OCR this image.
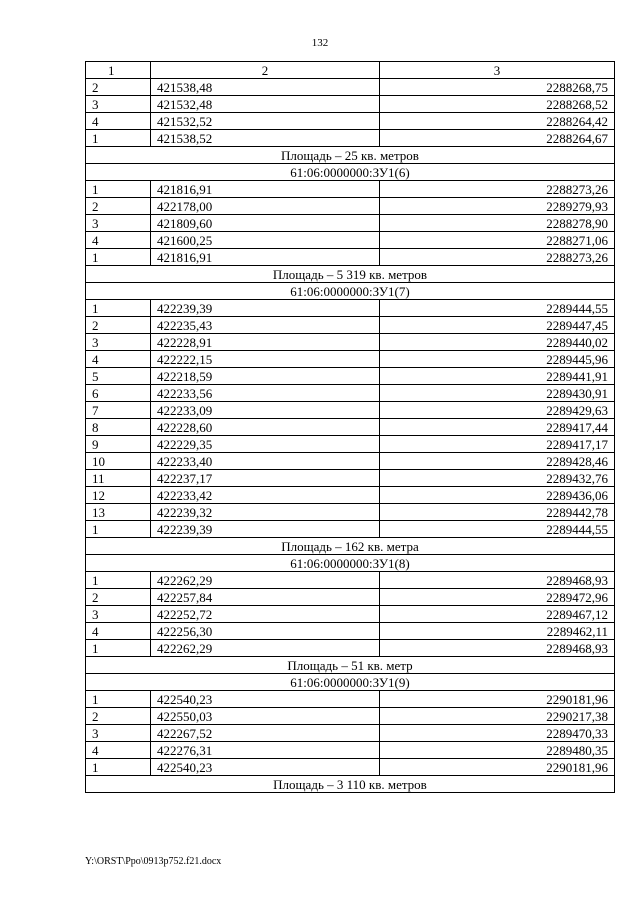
132
1	2	3
2	421538,48	2288268,75
3	421532,48	2288268,52
4	421532,52	2288264,42
1	421538,52	2288264,67
Площадь – 25 кв. метров		
61:06:0000000:ЗУ1(6)		
1	421816,91	2288273,26
2	422178,00	2289279,93
3	421809,60	2288278,90
4	421600,25	2288271,06
1	421816,91	2288273,26
Площадь – 5 319 кв. метров		
61:06:0000000:ЗУ1(7)		
1	422239,39	2289444,55
2	422235,43	2289447,45
3	422228,91	2289440,02
4	422222,15	2289445,96
5	422218,59	2289441,91
6	422233,56	2289430,91
7	422233,09	2289429,63
8	422228,60	2289417,44
9	422229,35	2289417,17
10	422233,40	2289428,46
11	422237,17	2289432,76
12	422233,42	2289436,06
13	422239,32	2289442,78
1	422239,39	2289444,55
Площадь – 162 кв. метра		
61:06:0000000:ЗУ1(8)		
1	422262,29	2289468,93
2	422257,84	2289472,96
3	422252,72	2289467,12
4	422256,30	2289462,11
1	422262,29	2289468,93
Площадь – 51 кв. метр		
61:06:0000000:ЗУ1(9)		
1	422540,23	2290181,96
2	422550,03	2290217,38
3	422267,52	2289470,33
4	422276,31	2289480,35
1	422540,23	2290181,96
Площадь – 3 110 кв. метров		
Y:\ORST\Ppo\0913p752.f21.docx
